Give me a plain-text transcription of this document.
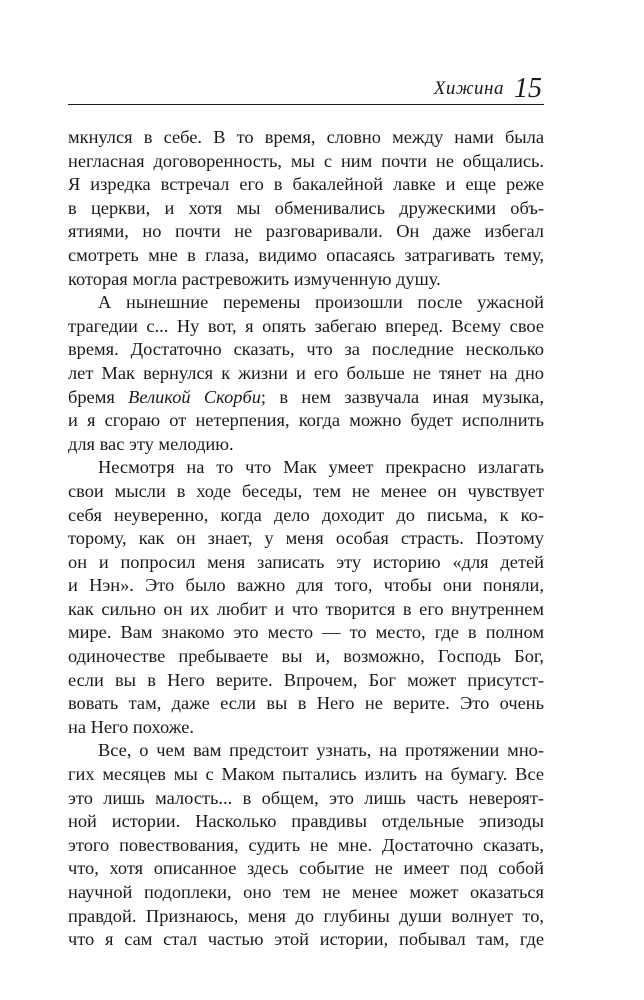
Хижина 15

мкнулся в себе. В то время, словно между нами была
негласная договоренность, мы с ним почти не общались.
Я изредка встречал его в бакалейной лавке и еще реже
в церкви, и хотя мы обменивались дружескими объ-
ятиями, но почти не разговаривали. Он даже избегал
смотреть мне в глаза, видимо опасаясь затрагивать тему,
которая могла растревожить измученную душу.

А нынешние перемены произошли после ужасной
трагедии с... Ну вот, я опять забегаю вперед. Всему свое
время. Достаточно сказать, что за последние несколько
лет Мак вернулся к жизни и его больше не тянет на дно
бремя Великой Скорби; в нем зазвучала иная музыка,
и я сгораю от нетерпения, когда можно будет исполнить
для вас эту мелодию.

Несмотря на то что Мак умеет прекрасно излагать
свои мысли в ходе беседы, тем не менее он чувствует
себя неуверенно, когда дело доходит до письма, к ко-
торому, как он знает, у меня особая страсть. Поэтому
он и попросил меня записать эту историю «для детей
и Нэн». Это было важно для того, чтобы они поняли,
как сильно он их любит и что творится в его внутреннем
мире. Вам знакомо это место — то место, где в полном
одиночестве пребываете вы и, возможно, Господь Бог,
если вы в Него верите. Впрочем, Бог может присутст-
вовать там, даже если вы в Него не верите. Это очень
на Него похоже.

Все, о чем вам предстоит узнать, на протяжении мно-
гих месяцев мы с Маком пытались излить на бумагу. Все
это лишь малость... в общем, это лишь часть невероят-
ной истории. Насколько правдивы отдельные эпизоды
этого повествования, судить не мне. Достаточно сказать,
что, хотя описанное здесь событие не имеет под собой
научной подоплеки, оно тем не менее может оказаться
правдой. Признаюсь, меня до глубины души волнует то,
что я сам стал частью этой истории, побывал там, где
